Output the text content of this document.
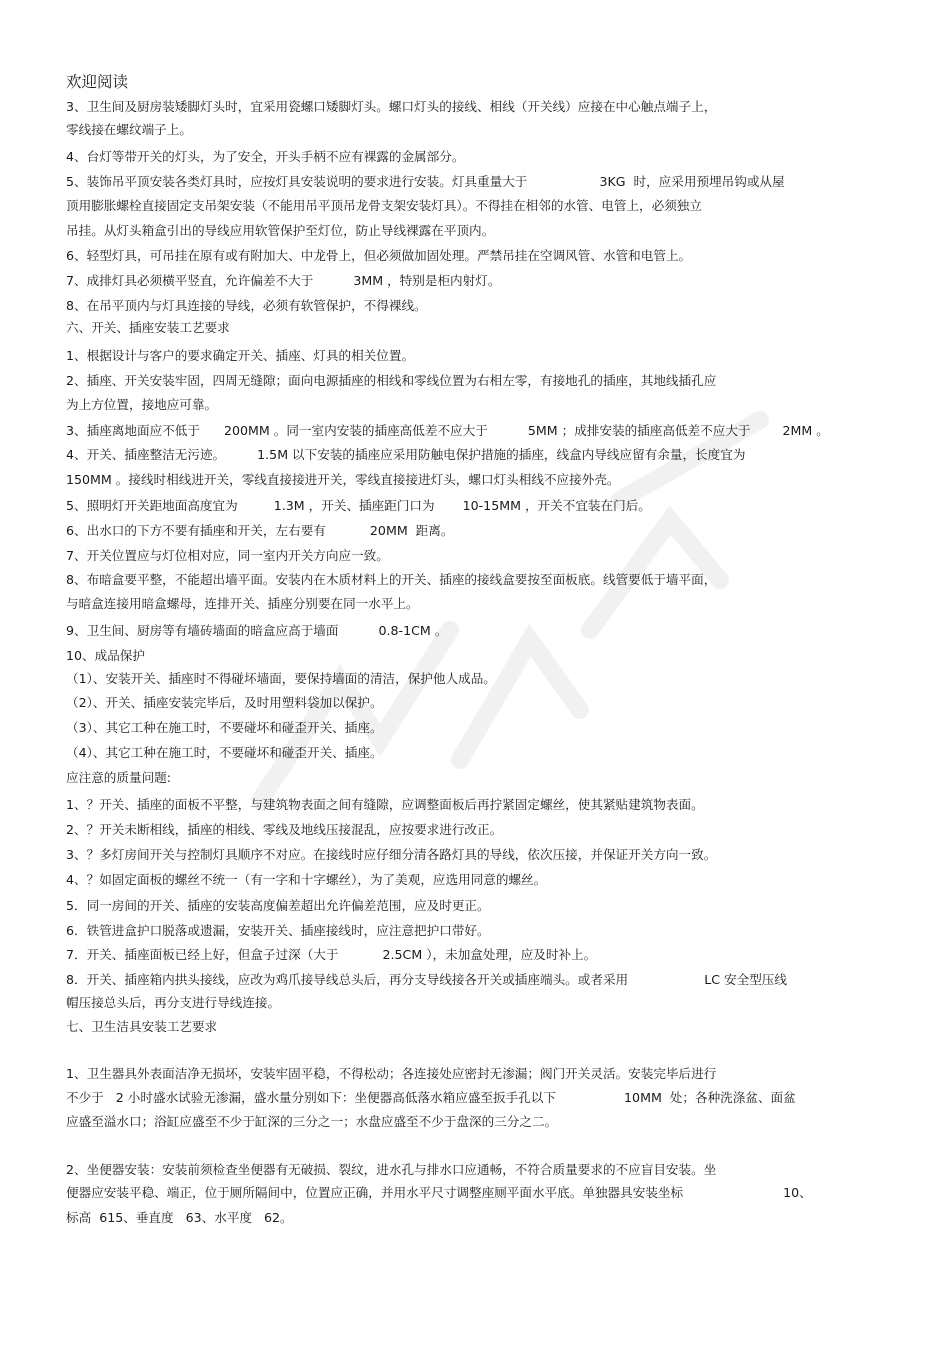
欢迎阅读
3、卫生间及厨房装矮脚灯头时，宜采用瓷螺口矮脚灯头。螺口灯头的接线、相线（开关线）应接在中心触点端子上，
零线接在螺纹端子上。
4、台灯等带开关的灯头，为了安全，开头手柄不应有裸露的金属部分。
5、装饰吊平顶安装各类灯具时，应按灯具安装说明的要求进行安装。灯具重量大于                  3KG  时，应采用预埋吊钩或从屋
顶用膨胀螺栓直接固定支吊架安装（不能用吊平顶吊龙骨支架安装灯具）。不得挂在相邻的水管、电管上，必须独立
吊挂。从灯头箱盒引出的导线应用软管保护至灯位，防止导线裸露在平顶内。
6、轻型灯具，可吊挂在原有或有附加大、中龙骨上，但必须做加固处理。严禁吊挂在空调风管、水管和电管上。
7、成排灯具必须横平竖直，允许偏差不大于          3MM ，特别是柜内射灯。
8、在吊平顶内与灯具连接的导线，必须有软管保护，不得裸线。
六、开关、插座安装工艺要求
1、根据设计与客户的要求确定开关、插座、灯具的相关位置。
2、插座、开关安装牢固，四周无缝隙；面向电源插座的相线和零线位置为右相左零，有接地孔的插座，其地线插孔应
为上方位置，接地应可靠。
3、插座离地面应不低于      200MM 。同一室内安装的插座高低差不应大于          5MM ；成排安装的插座高低差不应大于        2MM 。
4、开关、插座整洁无污迹。        1.5M 以下安装的插座应采用防触电保护措施的插座，线盒内导线应留有余量，长度宜为
150MM 。接线时相线进开关，零线直接接进开关，零线直接接进灯头，螺口灯头相线不应接外壳。
5、照明灯开关距地面高度宜为         1.3M ，开关、插座距门口为       10-15MM ，开关不宜装在门后。
6、出水口的下方不要有插座和开关，左右要有           20MM  距离。
7、开关位置应与灯位相对应，同一室内开关方向应一致。
8、布暗盒要平整，不能超出墙平面。安装内在木质材料上的开关、插座的接线盒要按至面板底。线管要低于墙平面，
与暗盒连接用暗盒螺母，连排开关、插座分别要在同一水平上。
9、卫生间、厨房等有墙砖墙面的暗盒应高于墙面          0.8-1CM 。
10、成品保护
（1）、安装开关、插座时不得碰坏墙面，要保持墙面的清洁，保护他人成品。
（2）、开关、插座安装完毕后，及时用塑料袋加以保护。
（3）、其它工种在施工时，不要碰坏和碰歪开关、插座。
（4）、其它工种在施工时，不要碰坏和碰歪开关、插座。
应注意的质量问题:
1、？开关、插座的面板不平整，与建筑物表面之间有缝隙，应调整面板后再拧紧固定螺丝，使其紧贴建筑物表面。
2、？开关未断相线，插座的相线、零线及地线压接混乱，应按要求进行改正。
3、？多灯房间开关与控制灯具顺序不对应。在接线时应仔细分清各路灯具的导线，依次压接，并保证开关方向一致。
4、？如固定面板的螺丝不统一（有一字和十字螺丝），为了美观，应选用同意的螺丝。
5．同一房间的开关、插座的安装高度偏差超出允许偏差范围，应及时更正。
6．铁管进盒护口脱落或遗漏，安装开关、插座接线时，应注意把护口带好。
7．开关、插座面板已经上好，但盒子过深（大于           2.5CM ），未加盒处理，应及时补上。
8．开关、插座箱内拱头接线，应改为鸡爪接导线总头后，再分支导线接各开关或插座端头。或者采用                   LC 安全型压线
帽压接总头后，再分支进行导线连接。
七、卫生洁具安装工艺要求
1、卫生器具外表面洁净无损坏，安装牢固平稳，不得松动；各连接处应密封无渗漏；阀门开关灵活。安装完毕后进行
不少于   2 小时盛水试验无渗漏，盛水量分别如下：坐便器高低落水箱应盛至扳手孔以下                 10MM  处；各种洗涤盆、面盆
应盛至溢水口；浴缸应盛至不少于缸深的三分之一；水盘应盛至不少于盘深的三分之二。
2、坐便器安装：安装前须检查坐便器有无破损、裂纹，进水孔与排水口应通畅，不符合质量要求的不应盲目安装。坐
便器应安装平稳、端正，位于厕所隔间中，位置应正确，并用水平尺寸调整座厕平面水平底。单独器具安装坐标                         10、
标高  615、垂直度   63、水平度   62。
